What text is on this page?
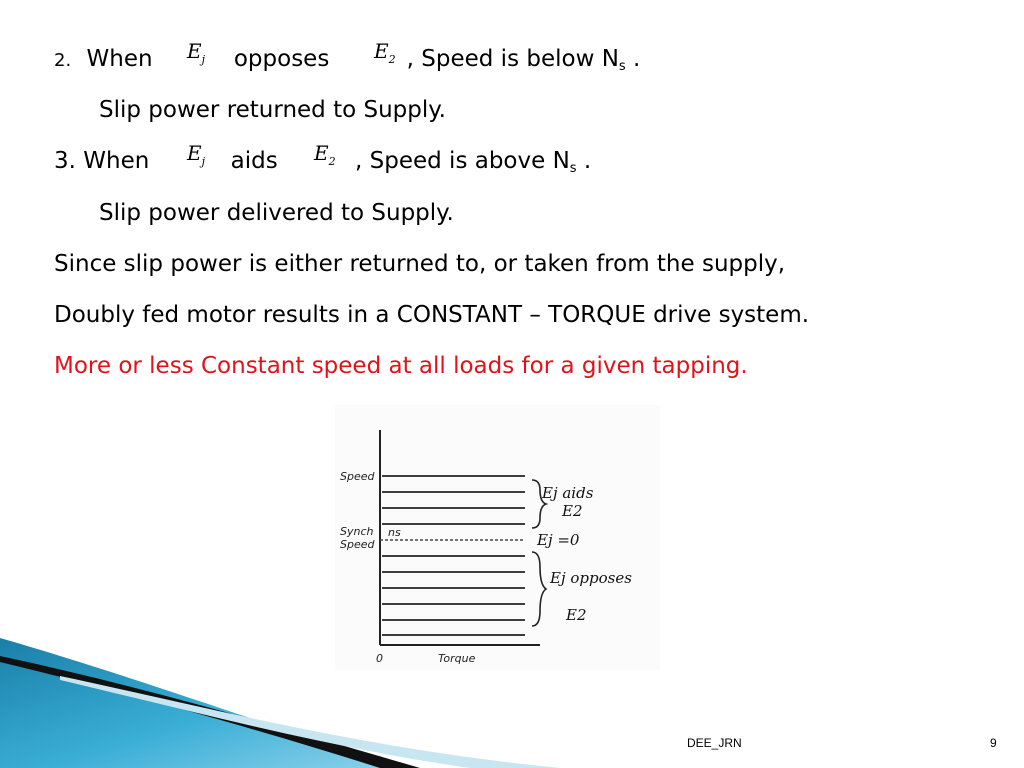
2. When $E_j$ opposes $E_2$ , Speed is below $N_s$ .
Slip power returned to Supply.
3. When $E_j$ aids $E_2$ , Speed is above $N_s$ .
Slip power delivered to Supply.
Since slip power is either returned to, or taken from the supply,
Doubly fed motor results in a CONSTANT – TORQUE drive system.
More or less Constant speed at all loads for a given tapping.
Speed
Synch
Speed
ns
0	Torque
Ej aids
E2
Ej =0
Ej opposes
E2
DEE_JRN	9
